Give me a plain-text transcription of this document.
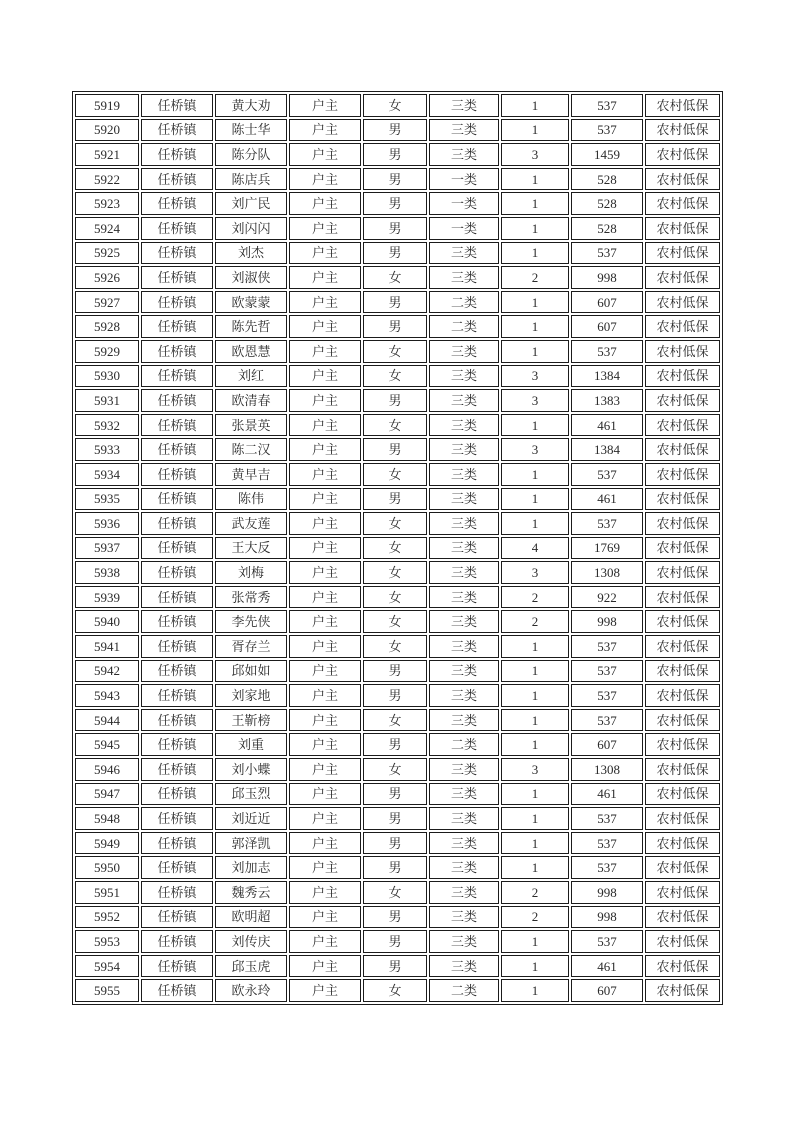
5919	任桥镇	黄大劝	户主	女	三类	1	537	农村低保
5920	任桥镇	陈士华	户主	男	三类	1	537	农村低保
5921	任桥镇	陈分队	户主	男	三类	3	1459	农村低保
5922	任桥镇	陈店兵	户主	男	一类	1	528	农村低保
5923	任桥镇	刘广民	户主	男	一类	1	528	农村低保
5924	任桥镇	刘闪闪	户主	男	一类	1	528	农村低保
5925	任桥镇	刘杰	户主	男	三类	1	537	农村低保
5926	任桥镇	刘淑侠	户主	女	三类	2	998	农村低保
5927	任桥镇	欧蒙蒙	户主	男	二类	1	607	农村低保
5928	任桥镇	陈先哲	户主	男	二类	1	607	农村低保
5929	任桥镇	欧恩慧	户主	女	三类	1	537	农村低保
5930	任桥镇	刘红	户主	女	三类	3	1384	农村低保
5931	任桥镇	欧清春	户主	男	三类	3	1383	农村低保
5932	任桥镇	张景英	户主	女	三类	1	461	农村低保
5933	任桥镇	陈二汉	户主	男	三类	3	1384	农村低保
5934	任桥镇	黄早吉	户主	女	三类	1	537	农村低保
5935	任桥镇	陈伟	户主	男	三类	1	461	农村低保
5936	任桥镇	武友莲	户主	女	三类	1	537	农村低保
5937	任桥镇	王大反	户主	女	三类	4	1769	农村低保
5938	任桥镇	刘梅	户主	女	三类	3	1308	农村低保
5939	任桥镇	张常秀	户主	女	三类	2	922	农村低保
5940	任桥镇	李先侠	户主	女	三类	2	998	农村低保
5941	任桥镇	胥存兰	户主	女	三类	1	537	农村低保
5942	任桥镇	邱如如	户主	男	三类	1	537	农村低保
5943	任桥镇	刘家地	户主	男	三类	1	537	农村低保
5944	任桥镇	王靳榜	户主	女	三类	1	537	农村低保
5945	任桥镇	刘重	户主	男	二类	1	607	农村低保
5946	任桥镇	刘小蝶	户主	女	三类	3	1308	农村低保
5947	任桥镇	邱玉烈	户主	男	三类	1	461	农村低保
5948	任桥镇	刘近近	户主	男	三类	1	537	农村低保
5949	任桥镇	郭泽凯	户主	男	三类	1	537	农村低保
5950	任桥镇	刘加志	户主	男	三类	1	537	农村低保
5951	任桥镇	魏秀云	户主	女	三类	2	998	农村低保
5952	任桥镇	欧明超	户主	男	三类	2	998	农村低保
5953	任桥镇	刘传庆	户主	男	三类	1	537	农村低保
5954	任桥镇	邱玉虎	户主	男	三类	1	461	农村低保
5955	任桥镇	欧永玲	户主	女	二类	1	607	农村低保
